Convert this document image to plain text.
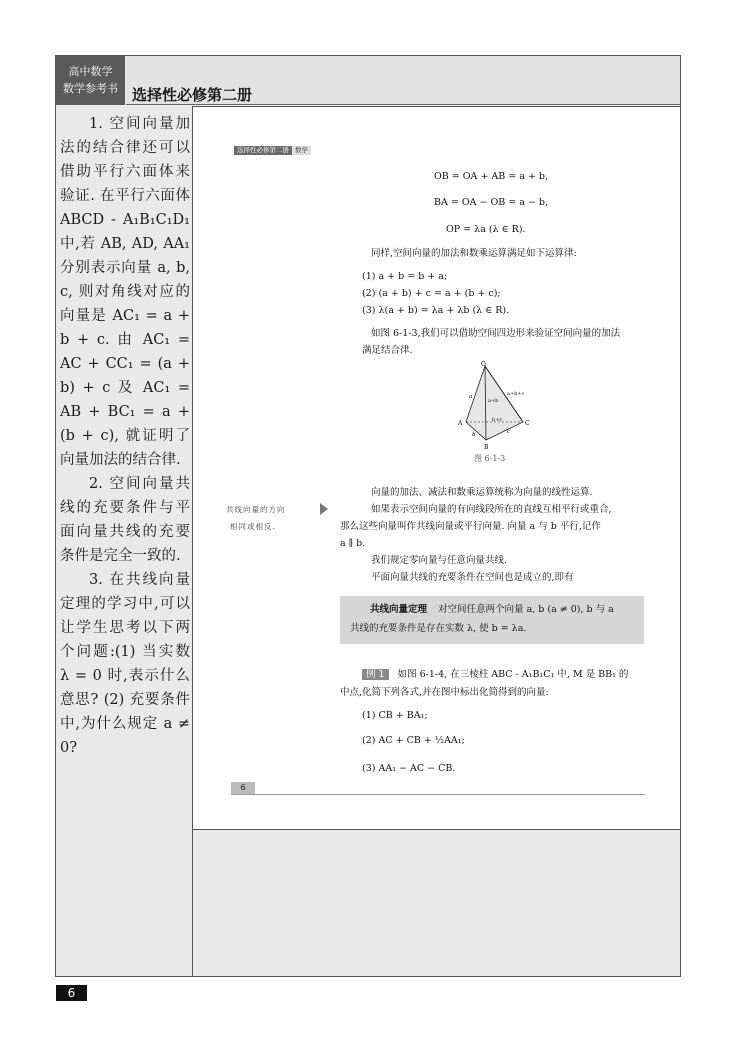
高中数学
数学参考书 选择性必修第二册

1. 空间向量加法的结合律还可以借助平行六面体来验证. 在平行六面体 ABCD - A₁B₁C₁D₁ 中,若 AB, AD, AA₁ 分别表示向量 a, b, c, 则对角线对应的向量是 AC₁ = a + b + c. 由 AC₁ = AC + CC₁ = (a + b) + c 及 AC₁ = AB + BC₁ = a + (b + c), 就证明了向量加法的结合律.

2. 空间向量共线的充要条件与平面向量共线的充要条件是完全一致的.

3. 在共线向量定理的学习中,可以让学生思考以下两个问题:(1) 当实数 λ = 0 时,表示什么意思? (2) 充要条件中,为什么规定 a ≠ 0?

选择性必修第二册 数学
OB = OA + AB = a + b,
BA = OA − OB = a − b,
OP = λa (λ ∈ R).
同样,空间向量的加法和数乘运算满足如下运算律:
(1) a + b = b + a;
(2) (a + b) + c = a + (b + c);
(3) λ(a + b) = λa + λb (λ ∈ R).
如图 6-1-3,我们可以借助空间四边形来验证空间向量的加法
满足结合律.
O
A
B
C
a
b	c
a+b
a+b+c
b+c
图 6-1-3
向量的加法、减法和数乘运算统称为向量的线性运算.
共线向量的方向
相同或相反.
如果表示空间向量的有向线段所在的直线互相平行或重合,
那么这些向量叫作共线向量或平行向量. 向量 a 与 b 平行,记作
a ∥ b.
我们规定零向量与任意向量共线.
平面向量共线的充要条件在空间也是成立的,即有
共线向量定理 对空间任意两个向量 a, b (a ≠ 0), b 与 a
共线的充要条件是存在实数 λ, 使 b = λa.
例 1 如图 6-1-4, 在三棱柱 ABC - A₁B₁C₁ 中, M 是 BB₁ 的
中点,化简下列各式,并在图中标出化简得到的向量:
(1) CB + BA₁;
(2) AC + CB + ½AA₁;
(3) AA₁ − AC − CB.
6
6
